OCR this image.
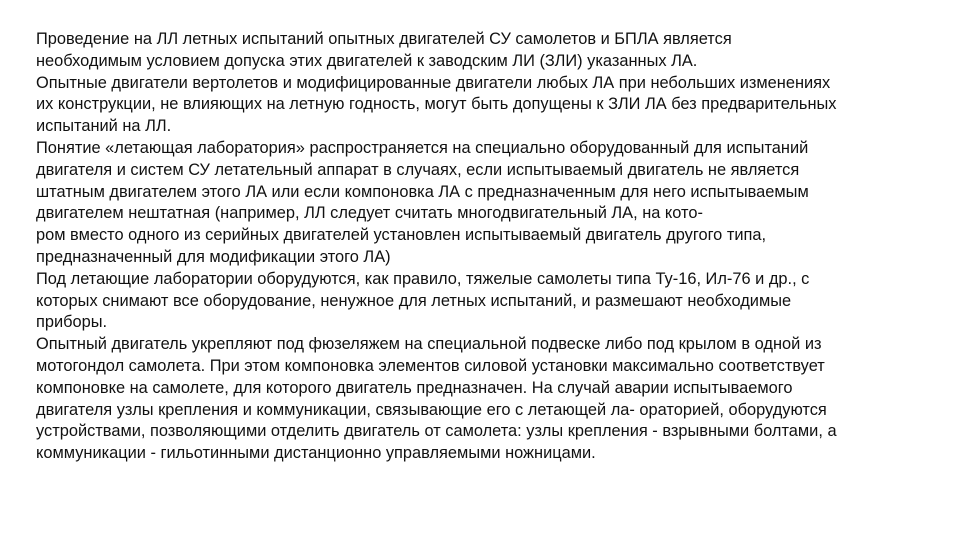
Проведение на ЛЛ летных испытаний опытных двигателей СУ самолетов и БПЛА является
необходимым условием допуска этих двигателей к заводским ЛИ (ЗЛИ) указанных ЛА.
Опытные двигатели вертолетов и модифицированные двигатели любых ЛА при небольших изменениях
их конструкции, не влияющих на летную годность, могут быть допущены к ЗЛИ ЛА без предварительных
испытаний на ЛЛ.
Понятие «летающая лаборатория» распространяется на специально оборудованный для испытаний
двигателя и систем СУ летательный аппарат в случаях, если испытываемый двигатель не является
штатным двигателем этого ЛА или если компоновка ЛА с предназначенным для него испытываемым
двигателем нештатная (например, ЛЛ следует считать многодвигательный ЛА, на кото-
ром вместо одного из серийных двигателей установлен испытываемый двигатель другого типа,
предназначенный для модификации этого ЛА)
Под летающие лаборатории оборудуются, как правило, тяжелые самолеты типа Ту-16, Ил-76 и др., с
которых снимают все оборудование, ненужное для летных испытаний, и размешают необходимые
приборы.
Опытный двигатель укрепляют под фюзеляжем на специальной подвеске либо под крылом в одной из
мотогондол самолета. При этом компоновка элементов силовой установки максимально соответствует
компоновке на самолете, для которого двигатель предназначен. На случай аварии испытываемого
двигателя узлы крепления и коммуникации, связывающие его с летающей ла- ораторией, оборудуются
устройствами, позволяющими отделить двигатель от самолета: узлы крепления - взрывными болтами, а
коммуникации - гильотинными дистанционно управляемыми ножницами.
